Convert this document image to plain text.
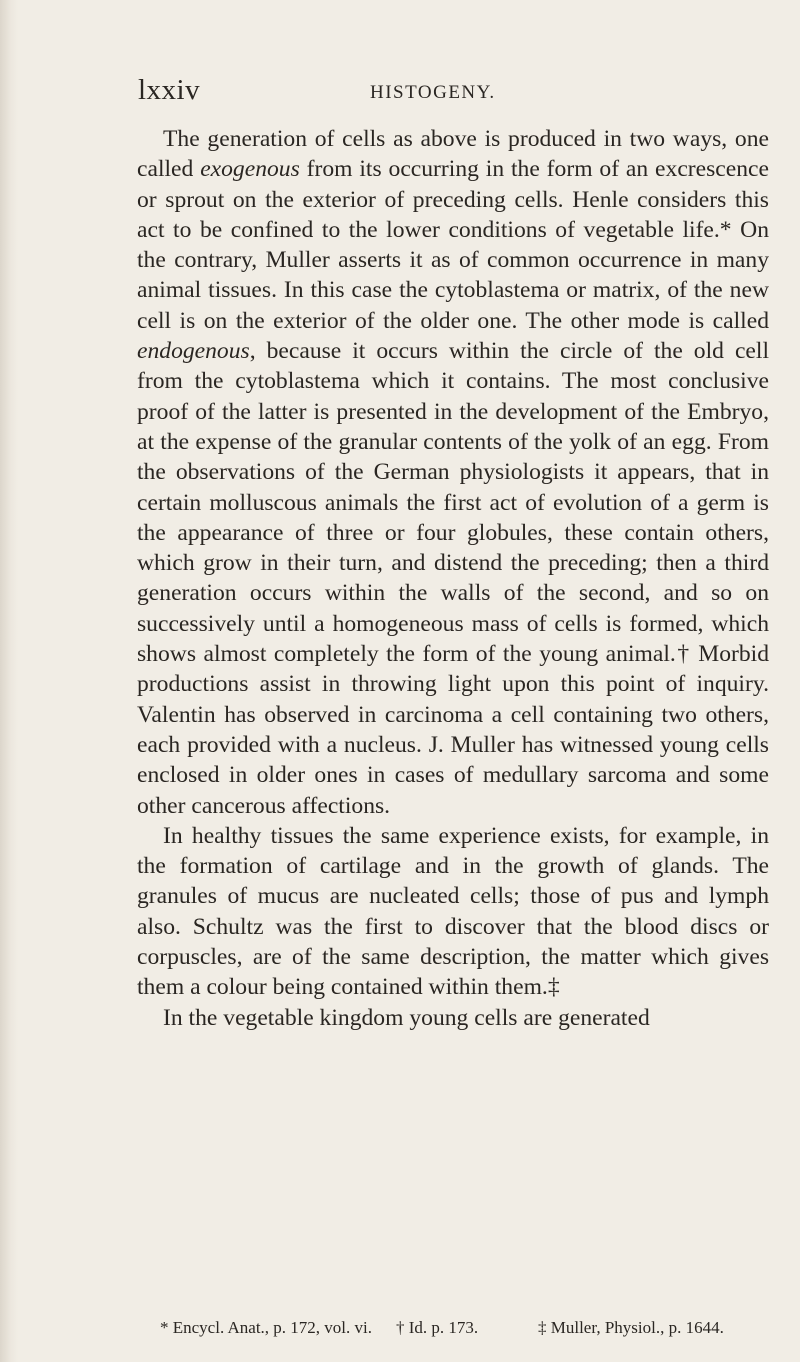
lxxiv	HISTOGENY.

The generation of cells as above is produced in two ways, one called exogenous from its occurring in the form of an excrescence or sprout on the exterior of preceding cells. Henle considers this act to be confined to the lower conditions of vegetable life.* On the contrary, Muller asserts it as of common occurrence in many animal tissues. In this case the cytoblastema or matrix, of the new cell is on the exterior of the older one. The other mode is called endogenous, because it occurs within the circle of the old cell from the cytoblastema which it contains. The most conclusive proof of the latter is presented in the development of the Embryo, at the expense of the granular contents of the yolk of an egg. From the observations of the German physiologists it appears, that in certain molluscous animals the first act of evolution of a germ is the appearance of three or four globules, these contain others, which grow in their turn, and distend the preceding; then a third generation occurs within the walls of the second, and so on successively until a homogeneous mass of cells is formed, which shows almost completely the form of the young animal.† Morbid productions assist in throwing light upon this point of inquiry. Valentin has observed in carcinoma a cell containing two others, each provided with a nucleus. J. Muller has witnessed young cells enclosed in older ones in cases of medullary sarcoma and some other cancerous affections.

In healthy tissues the same experience exists, for example, in the formation of cartilage and in the growth of glands. The granules of mucus are nucleated cells; those of pus and lymph also. Schultz was the first to discover that the blood discs or corpuscles, are of the same description, the matter which gives them a colour being contained within them.‡

In the vegetable kingdom young cells are generated

* Encycl. Anat., p. 172, vol. vi. † Id. p. 173.	‡ Muller, Physiol., p. 1644.
